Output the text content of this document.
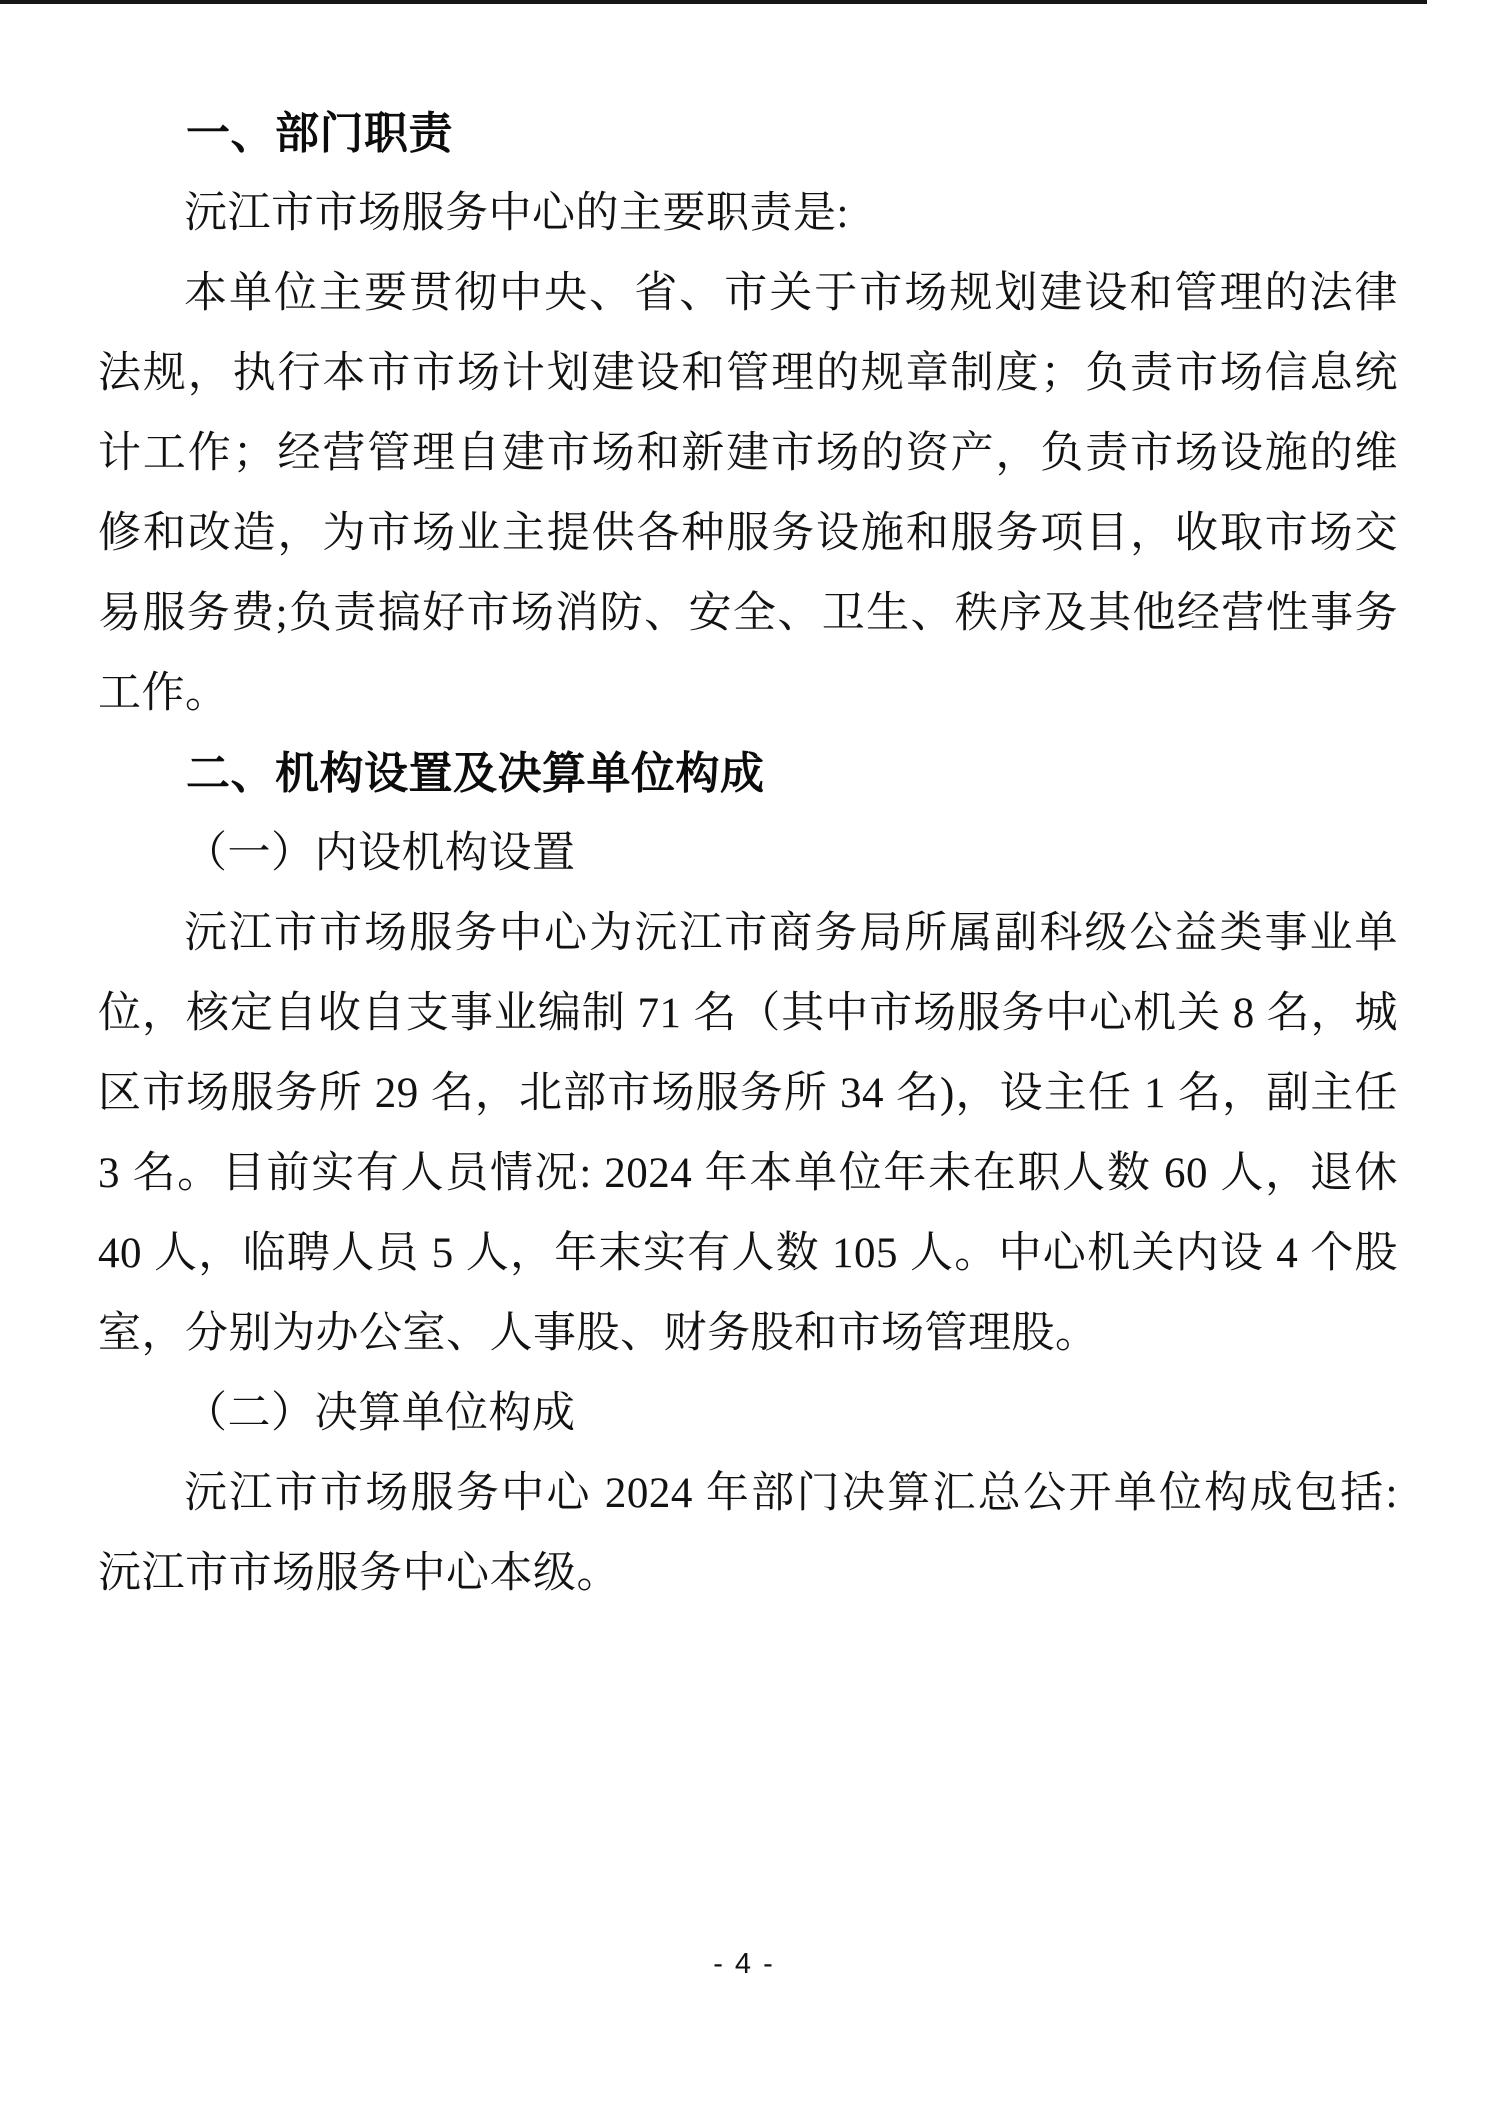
一、部门职责

沅江市市场服务中心的主要职责是:

本单位主要贯彻中央、省、市关于市场规划建设和管理的法律法规，执行本市市场计划建设和管理的规章制度；负责市场信息统计工作；经营管理自建市场和新建市场的资产，负责市场设施的维修和改造，为市场业主提供各种服务设施和服务项目，收取市场交易服务费;负责搞好市场消防、安全、卫生、秩序及其他经营性事务工作。

二、机构设置及决算单位构成

（一）内设机构设置

沅江市市场服务中心为沅江市商务局所属副科级公益类事业单位，核定自收自支事业编制 71 名（其中市场服务中心机关 8 名，城区市场服务所 29 名，北部市场服务所 34 名)，设主任 1 名，副主任 3 名。目前实有人员情况: 2024 年本单位年未在职人数 60 人，退休 40 人，临聘人员 5 人，年末实有人数 105 人。中心机关内设 4 个股室，分别为办公室、人事股、财务股和市场管理股。

（二）决算单位构成

沅江市市场服务中心 2024 年部门决算汇总公开单位构成包括: 沅江市市场服务中心本级。

- 4 -
